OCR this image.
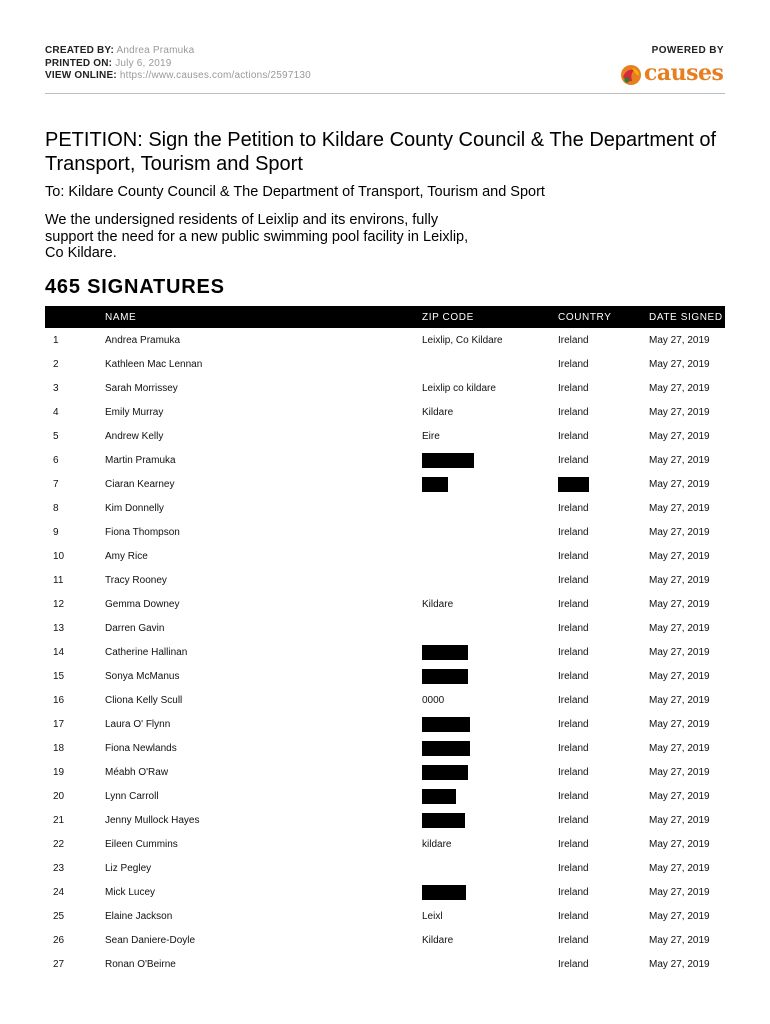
CREATED BY: Andrea Pramuka
PRINTED ON: July 6, 2019
VIEW ONLINE: https://www.causes.com/actions/2597130
POWERED BY
causes
PETITION: Sign the Petition to Kildare County Council & The Department of Transport, Tourism and Sport
To: Kildare County Council & The Department of Transport, Tourism and Sport
We the undersigned residents of Leixlip and its environs, fully support the need for a new public swimming pool facility in Leixlip, Co Kildare.
465 SIGNATURES
	NAME	ZIP CODE	COUNTRY	DATE SIGNED
1	Andrea Pramuka	Leixlip, Co Kildare	Ireland	May 27, 2019
2	Kathleen Mac Lennan		Ireland	May 27, 2019
3	Sarah Morrissey	Leixlip co kildare	Ireland	May 27, 2019
4	Emily Murray	Kildare	Ireland	May 27, 2019
5	Andrew Kelly	Eire	Ireland	May 27, 2019
6	Martin Pramuka		Ireland	May 27, 2019
7	Ciaran Kearney			May 27, 2019
8	Kim Donnelly		Ireland	May 27, 2019
9	Fiona Thompson		Ireland	May 27, 2019
10	Amy Rice		Ireland	May 27, 2019
11	Tracy Rooney		Ireland	May 27, 2019
12	Gemma Downey	Kildare	Ireland	May 27, 2019
13	Darren Gavin		Ireland	May 27, 2019
14	Catherine Hallinan		Ireland	May 27, 2019
15	Sonya McManus		Ireland	May 27, 2019
16	Cliona Kelly Scull	0000	Ireland	May 27, 2019
17	Laura O' Flynn		Ireland	May 27, 2019
18	Fiona Newlands		Ireland	May 27, 2019
19	Méabh O'Raw		Ireland	May 27, 2019
20	Lynn Carroll		Ireland	May 27, 2019
21	Jenny Mullock Hayes		Ireland	May 27, 2019
22	Eileen Cummins	kildare	Ireland	May 27, 2019
23	Liz Pegley		Ireland	May 27, 2019
24	Mick Lucey		Ireland	May 27, 2019
25	Elaine Jackson	Leixl	Ireland	May 27, 2019
26	Sean Daniere-Doyle	Kildare	Ireland	May 27, 2019
27	Ronan O'Beirne		Ireland	May 27, 2019
